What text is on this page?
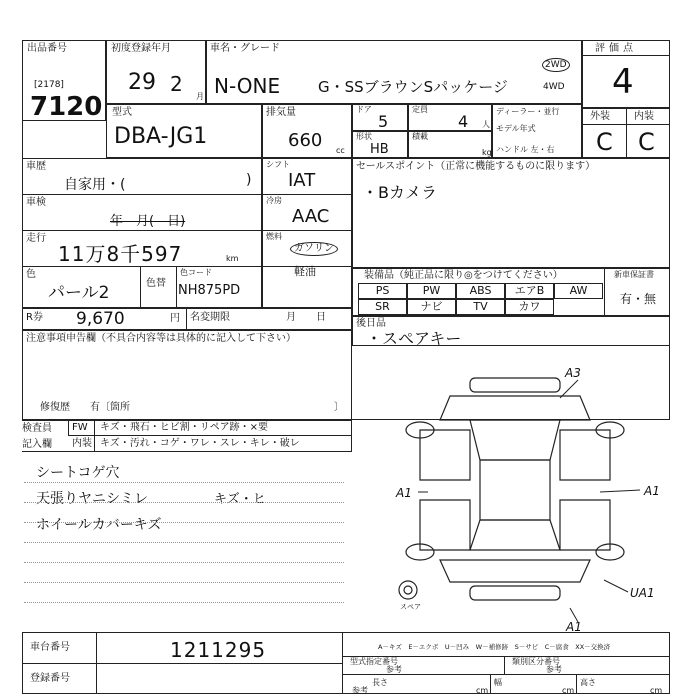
出品番号
[2178]
7120
初度登録年月
29 2
月
車名・グレード
N-ONE	G・SSブラウンSパッケージ
2WD
4WD
評価点
4
外装 内装
C C
型式
DBA-JG1
排気量
660 cc
ドア
5
定員
4 人
形状
HB
積載
kg
ディーラー・並行
モデル年式
ハンドル 左・右
車歴
自家用・(	)
車検
年　月(　日)
走行
11万8千597	km
色
パール2	色替
色コード
NH875PD
シフト
IAT
冷房
AAC
燃料
ガソリン
軽油
R券 9,670	円 名変期限	月　　日
セールスポイント（正常に機能するものに限ります）
・Bカメラ
装備品（純正品に限り◎をつけてください）	新車保証書
有・無
PS	PW	ABS	エアB	AW
SR	ナビ	TV	カワ
後日品
・スペアキー
注意事項申告欄（不具合内容等は具体的に記入して下さい）
修復歴　　有〔箇所	〕
検査員
記入欄
FW キズ・飛石・ヒビ割・リペア跡・×要
内装 キズ・汚れ・コゲ・ワレ・スレ・キレ・破レ
シートコゲ穴
天張りヤニシミレ	キズ・ヒ
ホイールカバーキズ
A3
A1	A1
UA1
A1
スペア
A－キズ　E－エクボ　U－凹み　W－補修跡　S－サビ　C－腐食　XX－交換済
車台番号	1211295
登録番号
型式指定番号
参考
類別区分番号
参考
参考
長さ
cm
幅
cm
高さ
cm
